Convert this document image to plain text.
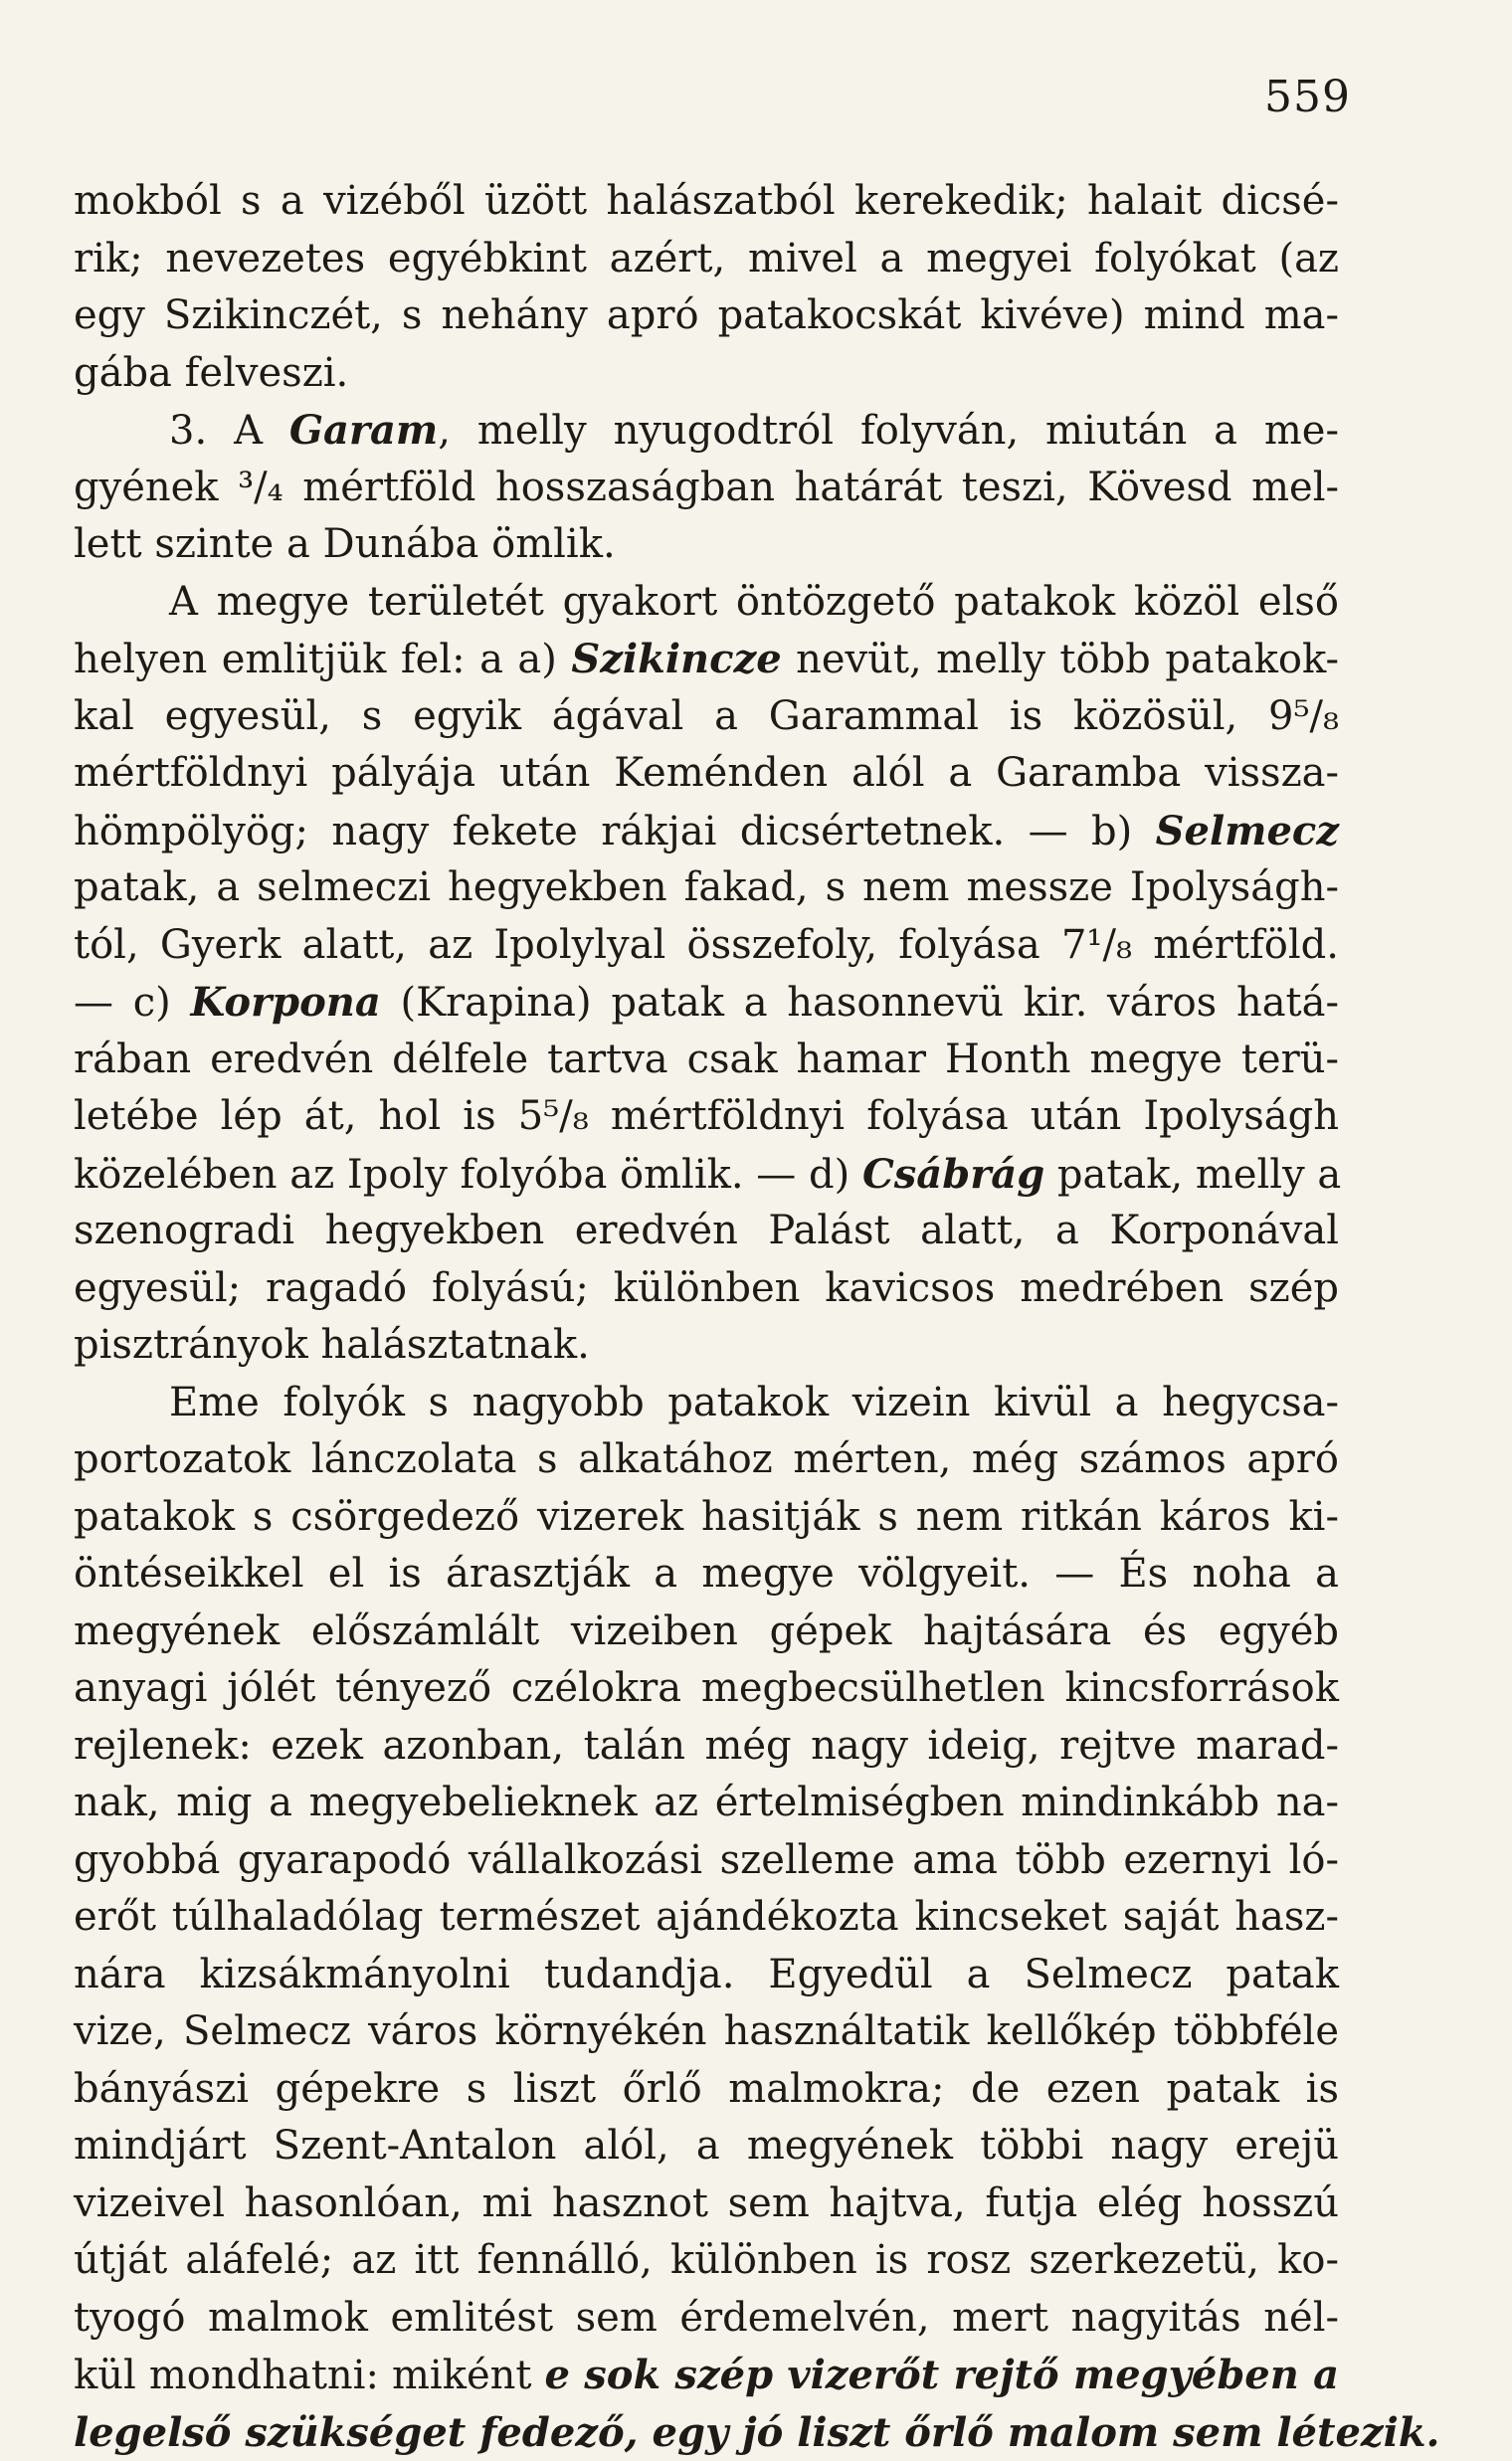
559
mokból s a vizéből üzött halászatból kerekedik; halait dicsé-
rik; nevezetes egyébkint azért, mivel a megyei folyókat (az
egy Szikinczét, s nehány apró patakocskát kivéve) mind ma-
gába felveszi.
3. A Garam, melly nyugodtról folyván, miután a me-
gyének ³/₄ mértföld hosszaságban határát teszi, Kövesd mel-
lett szinte a Dunába ömlik.
A megye területét gyakort öntözgető patakok közöl első
helyen emlitjük fel: a a) Szikincze nevüt, melly több patakok-
kal egyesül, s egyik ágával a Garammal is közösül, 9⁵/₈
mértföldnyi pályája után Keménden alól a Garamba vissza-
hömpölyög; nagy fekete rákjai dicsértetnek. — b) Selmecz
patak, a selmeczi hegyekben fakad, s nem messze Ipolyságh-
tól, Gyerk alatt, az Ipolylyal összefoly, folyása 7¹/₈ mértföld.
— c) Korpona (Krapina) patak a hasonnevü kir. város hatá-
rában eredvén délfele tartva csak hamar Honth megye terü-
letébe lép át, hol is 5⁵/₈ mértföldnyi folyása után Ipolyságh
közelében az Ipoly folyóba ömlik. — d) Csábrág patak, melly a
szenogradi hegyekben eredvén Palást alatt, a Korponával
egyesül; ragadó folyású; különben kavicsos medrében szép
pisztrányok halásztatnak.
Eme folyók s nagyobb patakok vizein kivül a hegycsa-
portozatok lánczolata s alkatához mérten, még számos apró
patakok s csörgedező vizerek hasitják s nem ritkán káros ki-
öntéseikkel el is árasztják a megye völgyeit. — És noha a
megyének előszámlált vizeiben gépek hajtására és egyéb
anyagi jólét tényező czélokra megbecsülhetlen kincsforrások
rejlenek: ezek azonban, talán még nagy ideig, rejtve marad-
nak, mig a megyebelieknek az értelmiségben mindinkább na-
gyobbá gyarapodó vállalkozási szelleme ama több ezernyi ló-
erőt túlhaladólag természet ajándékozta kincseket saját hasz-
nára kizsákmányolni tudandja. Egyedül a Selmecz patak
vize, Selmecz város környékén használtatik kellőkép többféle
bányászi gépekre s liszt őrlő malmokra; de ezen patak is
mindjárt Szent-Antalon alól, a megyének többi nagy erejü
vizeivel hasonlóan, mi hasznot sem hajtva, futja elég hosszú
útját aláfelé; az itt fennálló, különben is rosz szerkezetü, ko-
tyogó malmok emlitést sem érdemelvén, mert nagyitás nél-
kül mondhatni: miként e sok szép vizerőt rejtő megyében a
legelső szükséget fedező, egy jó liszt őrlő malom sem létezik.
